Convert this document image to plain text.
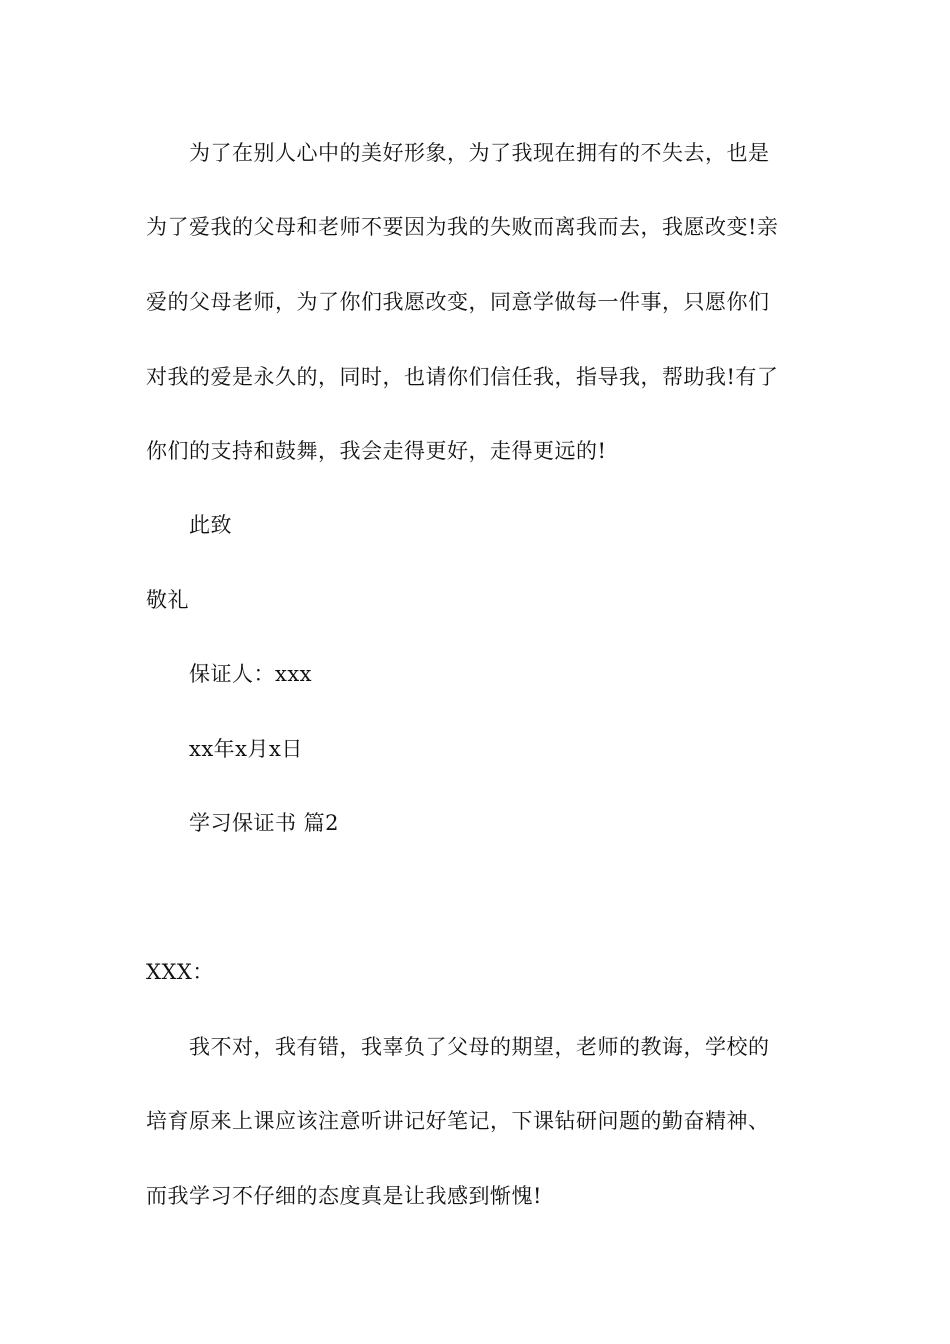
为了在别人心中的美好形象，为了我现在拥有的不失去，也是
为了爱我的父母和老师不要因为我的失败而离我而去，我愿改变!亲
爱的父母老师，为了你们我愿改变，同意学做每一件事，只愿你们
对我的爱是永久的，同时，也请你们信任我，指导我，帮助我!有了
你们的支持和鼓舞，我会走得更好，走得更远的!
此致
敬礼
保证人：xxx
xx年x月x日
学习保证书 篇2
XXX：
我不对，我有错，我辜负了父母的期望，老师的教诲，学校的
培育原来上课应该注意听讲记好笔记，下课钻研问题的勤奋精神、
而我学习不仔细的态度真是让我感到惭愧!
